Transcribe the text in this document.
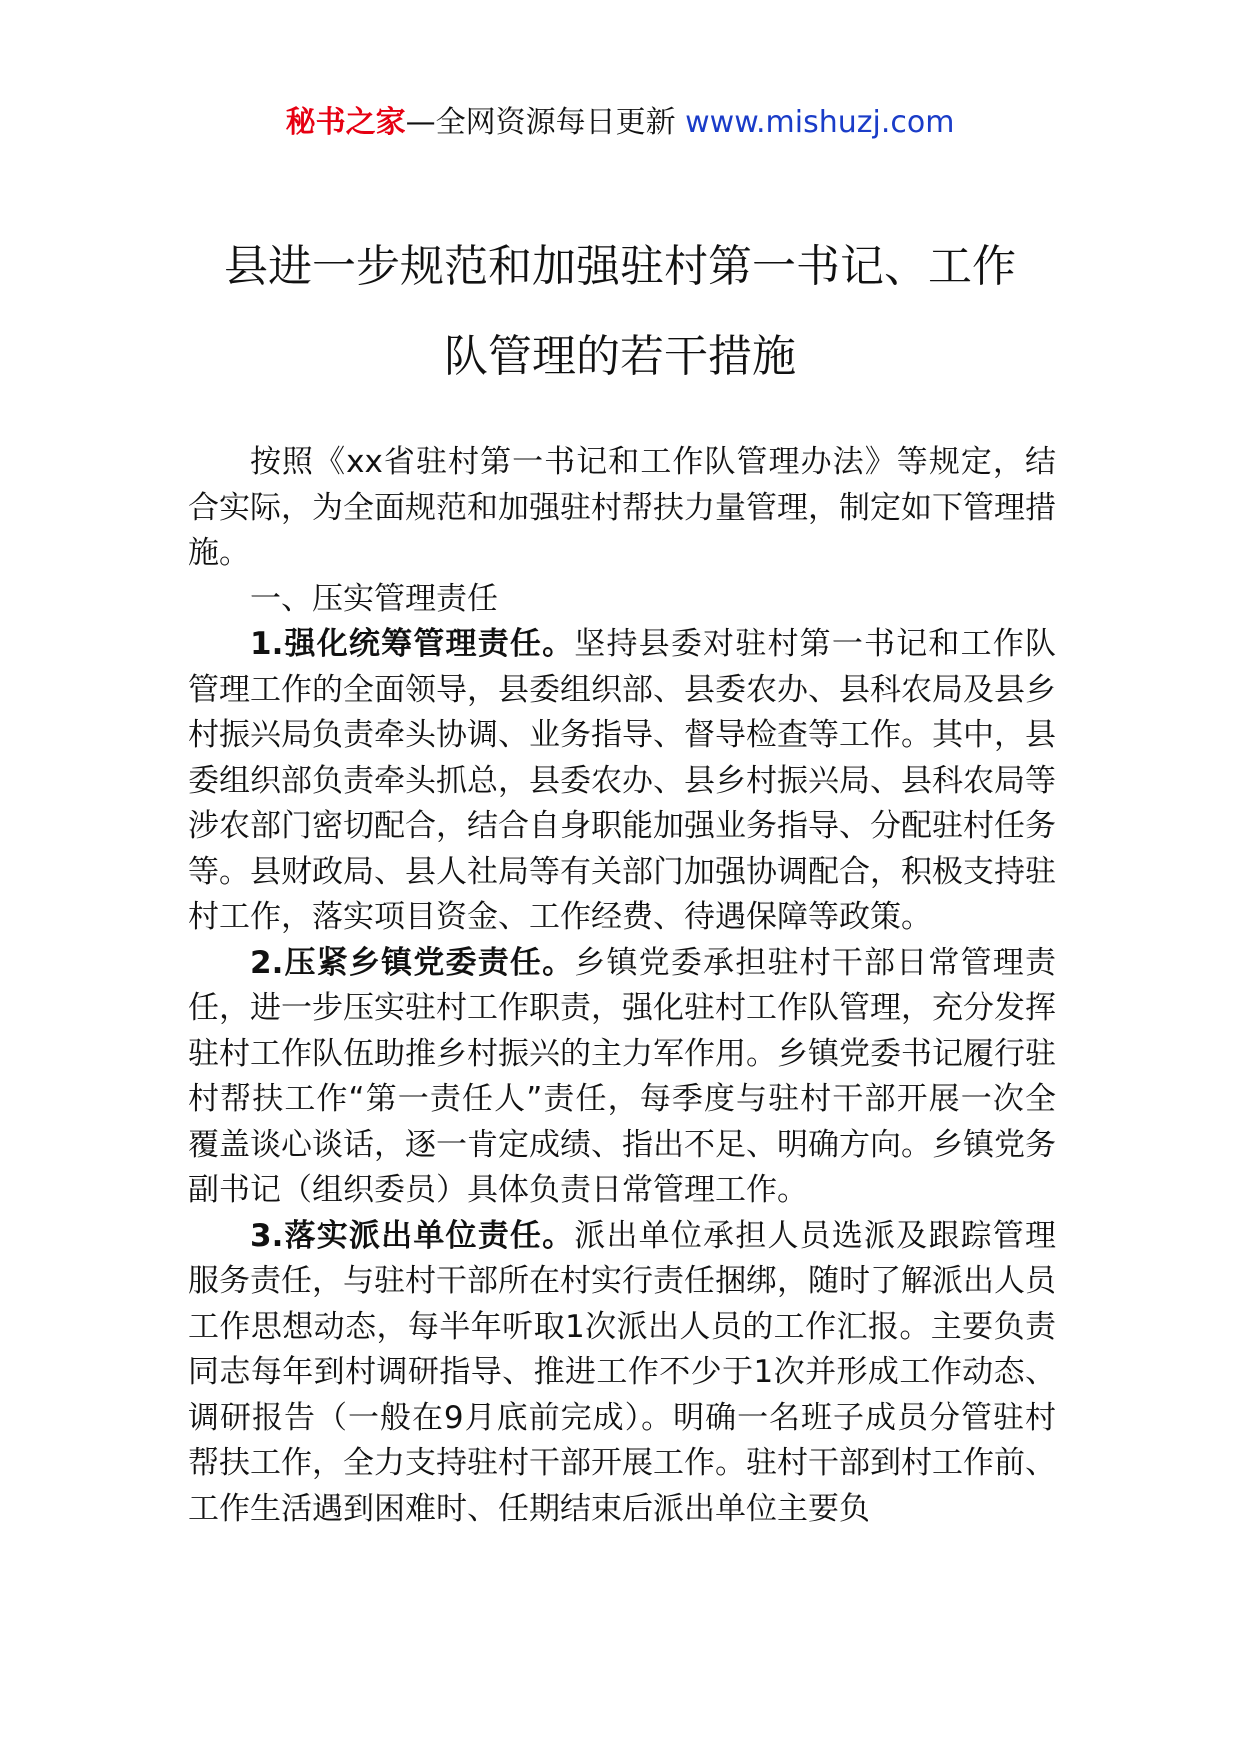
秘书之家—全网资源每日更新 www.mishuzj.com
县进一步规范和加强驻村第一书记、工作
队管理的若干措施

按照《xx省驻村第一书记和工作队管理办法》等规定，结合实际，为全面规范和加强驻村帮扶力量管理，制定如下管理措施。

一、压实管理责任

1.强化统筹管理责任。坚持县委对驻村第一书记和工作队管理工作的全面领导，县委组织部、县委农办、县科农局及县乡村振兴局负责牵头协调、业务指导、督导检查等工作。其中，县委组织部负责牵头抓总，县委农办、县乡村振兴局、县科农局等涉农部门密切配合，结合自身职能加强业务指导、分配驻村任务等。县财政局、县人社局等有关部门加强协调配合，积极支持驻村工作，落实项目资金、工作经费、待遇保障等政策。

2.压紧乡镇党委责任。乡镇党委承担驻村干部日常管理责任，进一步压实驻村工作职责，强化驻村工作队管理，充分发挥驻村工作队伍助推乡村振兴的主力军作用。乡镇党委书记履行驻村帮扶工作“第一责任人”责任，每季度与驻村干部开展一次全覆盖谈心谈话，逐一肯定成绩、指出不足、明确方向。乡镇党务副书记（组织委员）具体负责日常管理工作。

3.落实派出单位责任。派出单位承担人员选派及跟踪管理服务责任，与驻村干部所在村实行责任捆绑，随时了解派出人员工作思想动态，每半年听取1次派出人员的工作汇报。主要负责同志每年到村调研指导、推进工作不少于1次并形成工作动态、调研报告（一般在9月底前完成）。明确一名班子成员分管驻村帮扶工作，全力支持驻村干部开展工作。驻村干部到村工作前、工作生活遇到困难时、任期结束后派出单位主要负
